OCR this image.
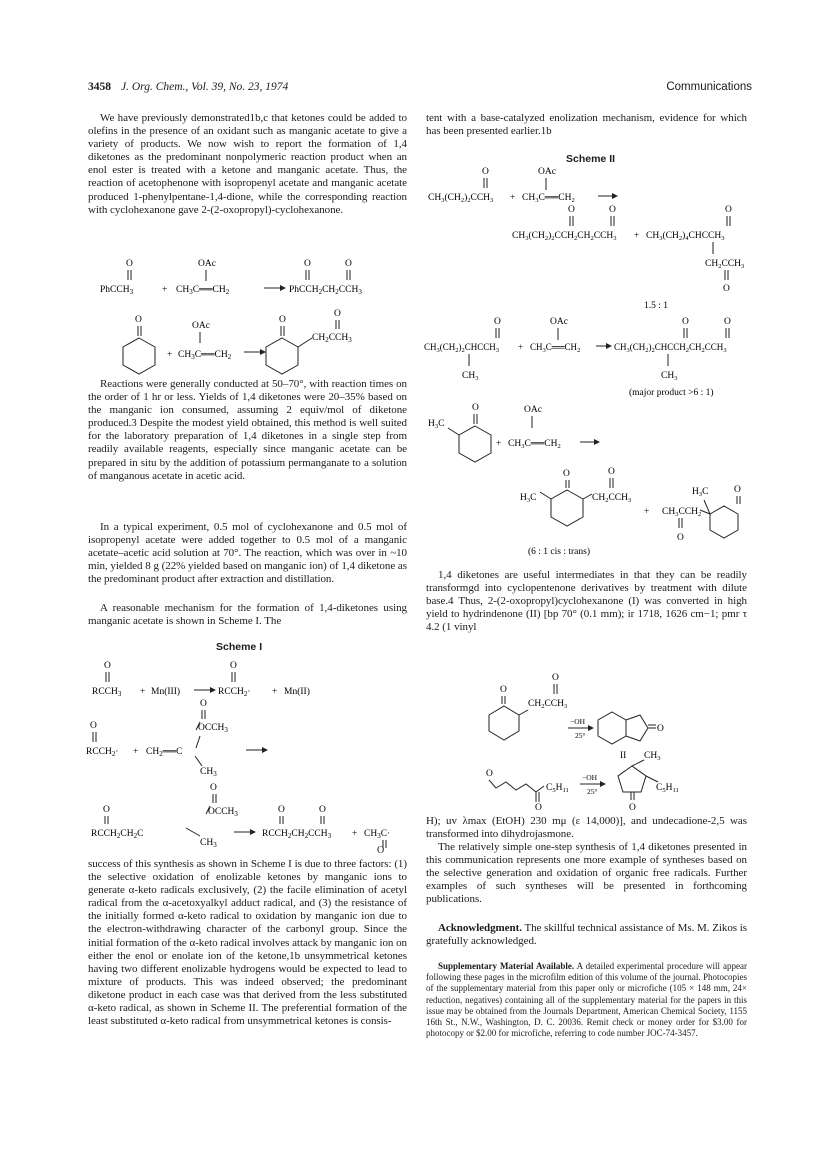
3458 J. Org. Chem., Vol. 39, No. 23, 1974	Communications

We have previously demonstrated1b,c that ketones could be added to olefins in the presence of an oxidant such as manganic acetate to give a variety of products. We now wish to report the formation of 1,4 diketones as the predominant nonpolymeric reaction product when an enol ester is treated with a ketone and manganic acetate. Thus, the reaction of acetophenone with isopropenyl acetate and manganic acetate produced 1-phenylpentane-1,4-dione, while the corresponding reaction with cyclohexanone gave 2-(2-oxopropyl)-cyclohexanone.

O
PhCCH$_3$	+
OAc
$CH_3C══CH_2$
O	O
$PhCCH_2CH_2CCH_3$
O
+
OAc
$CH_3C══CH_2$
O
O
$CH_2CCH_3$

Reactions were generally conducted at 50–70°, with reaction times on the order of 1 hr or less. Yields of 1,4 diketones were 20–35% based on the manganic ion consumed, assuming 2 equiv/mol of diketone produced.3 Despite the modest yield obtained, this method is well suited for the laboratory preparation of 1,4 diketones in a single step from readily available reagents, especially since manganic acetate can be prepared in situ by the addition of potassium permanganate to a solution of manganous acetate in acetic acid.

In a typical experiment, 0.5 mol of cyclohexanone and 0.5 mol of isopropenyl acetate were added together to 0.5 mol of a manganic acetate–acetic acid solution at 70°. The reaction, which was over in ~10 min, yielded 8 g (22% yielded based on manganic ion) of 1,4 diketone as the predominant product after extraction and distillation.

A reasonable mechanism for the formation of 1,4-diketones using manganic acetate is shown in Scheme I. The

Scheme I
O
$RCCH_3 + Mn(III)$
O
$RCCH_2\cdot + Mn(II)$
O
$OCCH_3$
O
$RCCH_2\cdot$ + $CH_2══C$
$CH_3$
O
$OCCH_3$
O
$RCCH_2CH_2C$
$CH_3$
O	O
$RCCH_2CH_2CCH_3 + CH_3C\cdot$
O

success of this synthesis as shown in Scheme I is due to three factors: (1) the selective oxidation of enolizable ketones by manganic ions to generate α-keto radicals exclusively, (2) the facile elimination of acetyl radical from the α-acetoxyalkyl adduct radical, and (3) the resistance of the initially formed α-keto radical to oxidation by manganic ion due to the electron-withdrawing character of the carbonyl group. Since the initial formation of the α-keto radical involves attack by manganic ion on either the enol or enolate ion of the ketone,1b unsymmetrical ketones having two different enolizable hydrogens would be expected to lead to mixture of products. This was indeed observed; the predominant diketone product in each case was that derived from the less substituted α-keto radical, as shown in Scheme II. The preferential formation of the least substituted α-keto radical from unsymmetrical ketones is consis-

tent with a base-catalyzed enolization mechanism, evidence for which has been presented earlier.1b

Scheme II
O	OAc
$CH_3(CH_2)_2CCH_3$ + $CH_3C══CH_2$
O	O	O
$CH_3(CH_2)_2CCH_2CH_2CCH_3$ + $CH_3(CH_2)_4CHCCH_3$
$CH_2CCH_3$
O
1.5 : 1
O	OAc	O	O
$CH_3(CH_2)_2CHCCH_3$ + $CH_3C══CH_2$	$CH_3(CH_2)_2CHCCH_2CH_2CCH_3$
$CH_3$	$CH_3$
(major product >6 : 1)
O
$H_3C$
OAc
+ $CH_3C══CH_2$
O
O
$H_3C$	$CH_2CCH_3$
+
$H_3C$	O
$CH_3CCH_2$
O
(6 : 1 cis : trans)

1,4 diketones are useful intermediates in that they can be readily transformgd into cyclopentenone derivatives by treatment with dilute base.4 Thus, 2-(2-oxopropyl)cyclohexanone (I) was converted in high yield to hydrindenone (II) [bp 70° (0.1 mm); ir 1718, 1626 cm−1; pmr τ 4.2 (1 vinyl

O
O
$CH_2CCH_3$
−OH
25°
O
II
O
O
$C_5H_{11}$
−OH
25°
$CH_3$
$C_5H_{11}$
O

H); uv λmax (EtOH) 230 mμ (ε 14,000)], and undecadione-2,5 was transformed into dihydrojasmone.

The relatively simple one-step synthesis of 1,4 diketones presented in this communication represents one more example of syntheses based on the selective generation and oxidation of organic free radicals. Further examples of such syntheses will be presented in forthcoming publications.

Acknowledgment. The skillful technical assistance of Ms. M. Zikos is gratefully acknowledged.

Supplementary Material Available. A detailed experimental procedure will appear following these pages in the microfilm edition of this volume of the journal. Photocopies of the supplementary material from this paper only or microfiche (105 × 148 mm, 24× reduction, negatives) containing all of the supplementary material for the papers in this issue may be obtained from the Journals Department, American Chemical Society, 1155 16th St., N.W., Washington, D. C. 20036. Remit check or money order for $3.00 for photocopy or $2.00 for microfiche, referring to code number JOC-74-3457.
